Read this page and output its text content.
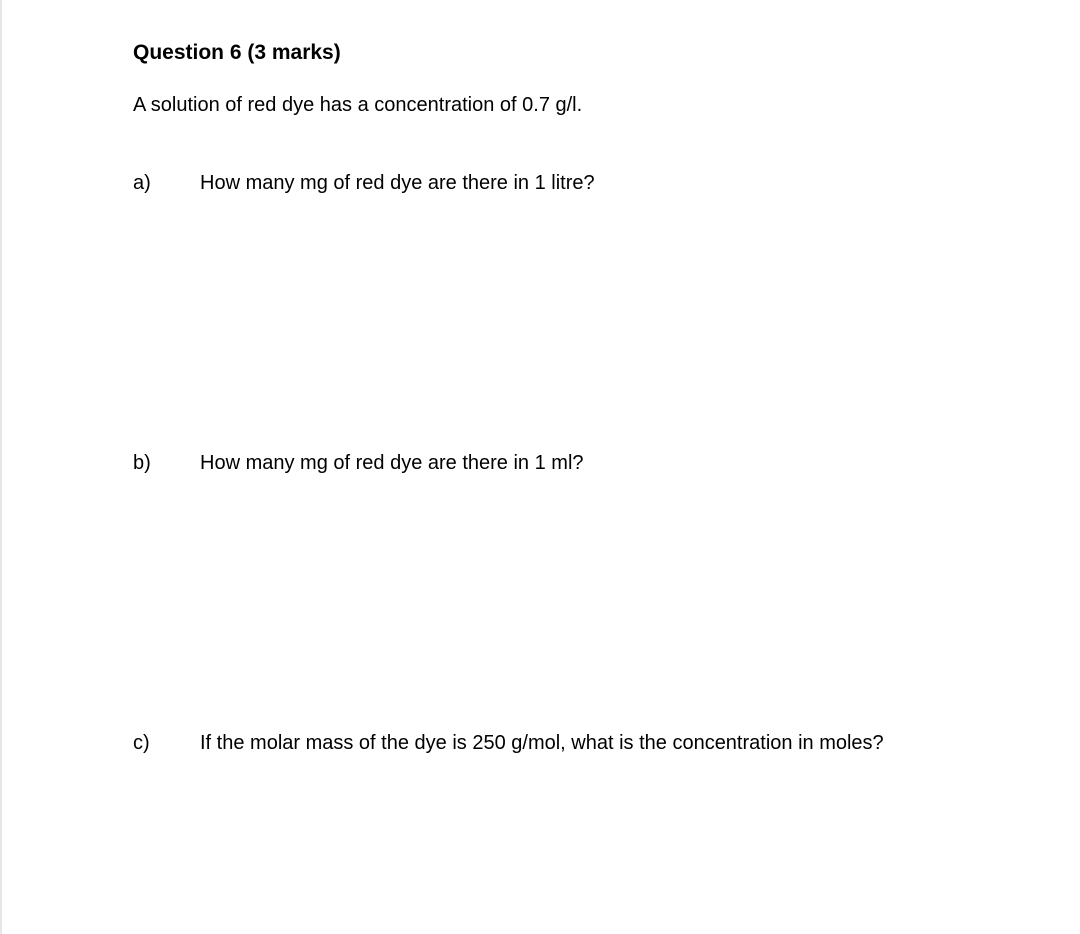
Question 6 (3 marks)
A solution of red dye has a concentration of 0.7 g/l.
a) How many mg of red dye are there in 1 litre?
b) How many mg of red dye are there in 1 ml?
c)	If the molar mass of the dye is 250 g/mol, what is the concentration in moles?
